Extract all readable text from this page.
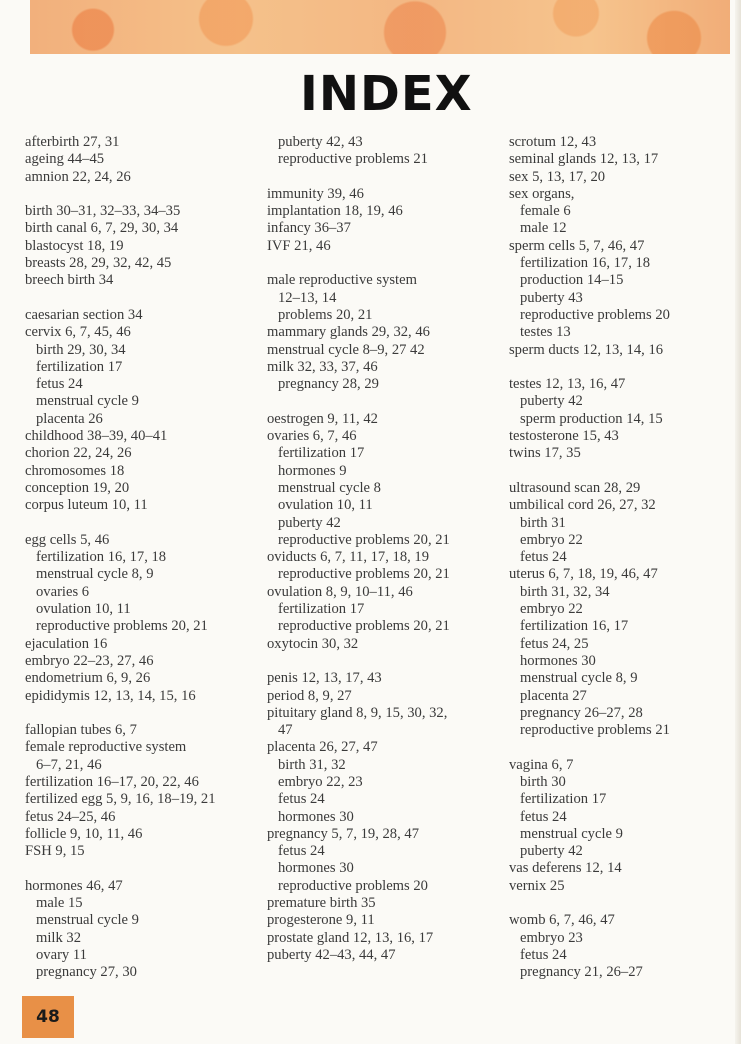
INDEX
afterbirth 27, 31
ageing 44–45
amnion 22, 24, 26
birth 30–31, 32–33, 34–35
birth canal 6, 7, 29, 30, 34
blastocyst 18, 19
breasts 28, 29, 32, 42, 45
breech birth 34
caesarian section 34
cervix 6, 7, 45, 46
birth 29, 30, 34
fertilization 17
fetus 24
menstrual cycle 9
placenta 26
childhood 38–39, 40–41
chorion 22, 24, 26
chromosomes 18
conception 19, 20
corpus luteum 10, 11
egg cells 5, 46
fertilization 16, 17, 18
menstrual cycle 8, 9
ovaries 6
ovulation 10, 11
reproductive problems 20, 21
ejaculation 16
embryo 22–23, 27, 46
endometrium 6, 9, 26
epididymis 12, 13, 14, 15, 16
fallopian tubes 6, 7
female reproductive system
6–7, 21, 46
fertilization 16–17, 20, 22, 46
fertilized egg 5, 9, 16, 18–19, 21
fetus 24–25, 46
follicle 9, 10, 11, 46
FSH 9, 15
hormones 46, 47
male 15
menstrual cycle 9
milk 32
ovary 11
pregnancy 27, 30
puberty 42, 43
reproductive problems 21
immunity 39, 46
implantation 18, 19, 46
infancy 36–37
IVF 21, 46
male reproductive system
12–13, 14
problems 20, 21
mammary glands 29, 32, 46
menstrual cycle 8–9, 27 42
milk 32, 33, 37, 46
pregnancy 28, 29
oestrogen 9, 11, 42
ovaries 6, 7, 46
fertilization 17
hormones 9
menstrual cycle 8
ovulation 10, 11
puberty 42
reproductive problems 20, 21
oviducts 6, 7, 11, 17, 18, 19
reproductive problems 20, 21
ovulation 8, 9, 10–11, 46
fertilization 17
reproductive problems 20, 21
oxytocin 30, 32
penis 12, 13, 17, 43
period 8, 9, 27
pituitary gland 8, 9, 15, 30, 32,
47
placenta 26, 27, 47
birth 31, 32
embryo 22, 23
fetus 24
hormones 30
pregnancy 5, 7, 19, 28, 47
fetus 24
hormones 30
reproductive problems 20
premature birth 35
progesterone 9, 11
prostate gland 12, 13, 16, 17
puberty 42–43, 44, 47
scrotum 12, 43
seminal glands 12, 13, 17
sex 5, 13, 17, 20
sex organs,
female 6
male 12
sperm cells 5, 7, 46, 47
fertilization 16, 17, 18
production 14–15
puberty 43
reproductive problems 20
testes 13
sperm ducts 12, 13, 14, 16
testes 12, 13, 16, 47
puberty 42
sperm production 14, 15
testosterone 15, 43
twins 17, 35
ultrasound scan 28, 29
umbilical cord 26, 27, 32
birth 31
embryo 22
fetus 24
uterus 6, 7, 18, 19, 46, 47
birth 31, 32, 34
embryo 22
fertilization 16, 17
fetus 24, 25
hormones 30
menstrual cycle 8, 9
placenta 27
pregnancy 26–27, 28
reproductive problems 21
vagina 6, 7
birth 30
fertilization 17
fetus 24
menstrual cycle 9
puberty 42
vas deferens 12, 14
vernix 25
womb 6, 7, 46, 47
embryo 23
fetus 24
pregnancy 21, 26–27
48
